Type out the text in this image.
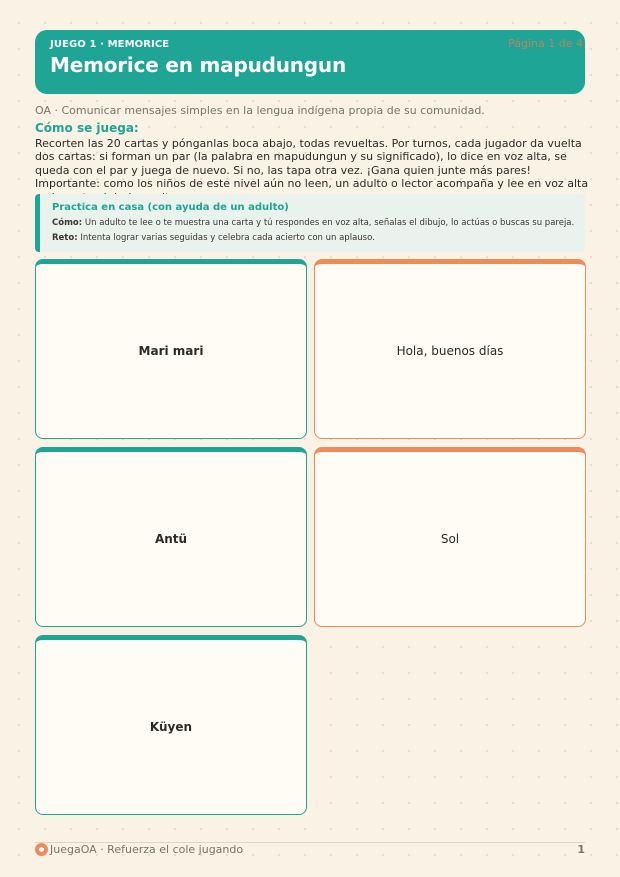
JUEGO 1 · MEMORICE
Memorice en mapudungun
Página 1 de 4
OA · Comunicar mensajes simples en la lengua indígena propia de su comunidad.
Cómo se juega:
Recorten las 20 cartas y pónganlas boca abajo, todas revueltas. Por turnos, cada jugador da vuelta dos cartas: si forman un par (la palabra en mapudungun y su significado), lo dice en voz alta, se queda con el par y juega de nuevo. Si no, las tapa otra vez. ¡Gana quien junte más pares! Importante: como los niños de este nivel aún no leen, un adulto o lector acompaña y lee en voz alta
Practica en casa (con ayuda de un adulto)
Cómo: Un adulto te lee o te muestra una carta y tú respondes en voz alta, señalas el dibujo, lo actúas o buscas su pareja.
Reto: Intenta lograr varias seguidas y celebra cada acierto con un aplauso.
Mari mari	Hola, buenos días
Antü	Sol
Küyen
JuegaOA · Refuerza el cole jugando	1
